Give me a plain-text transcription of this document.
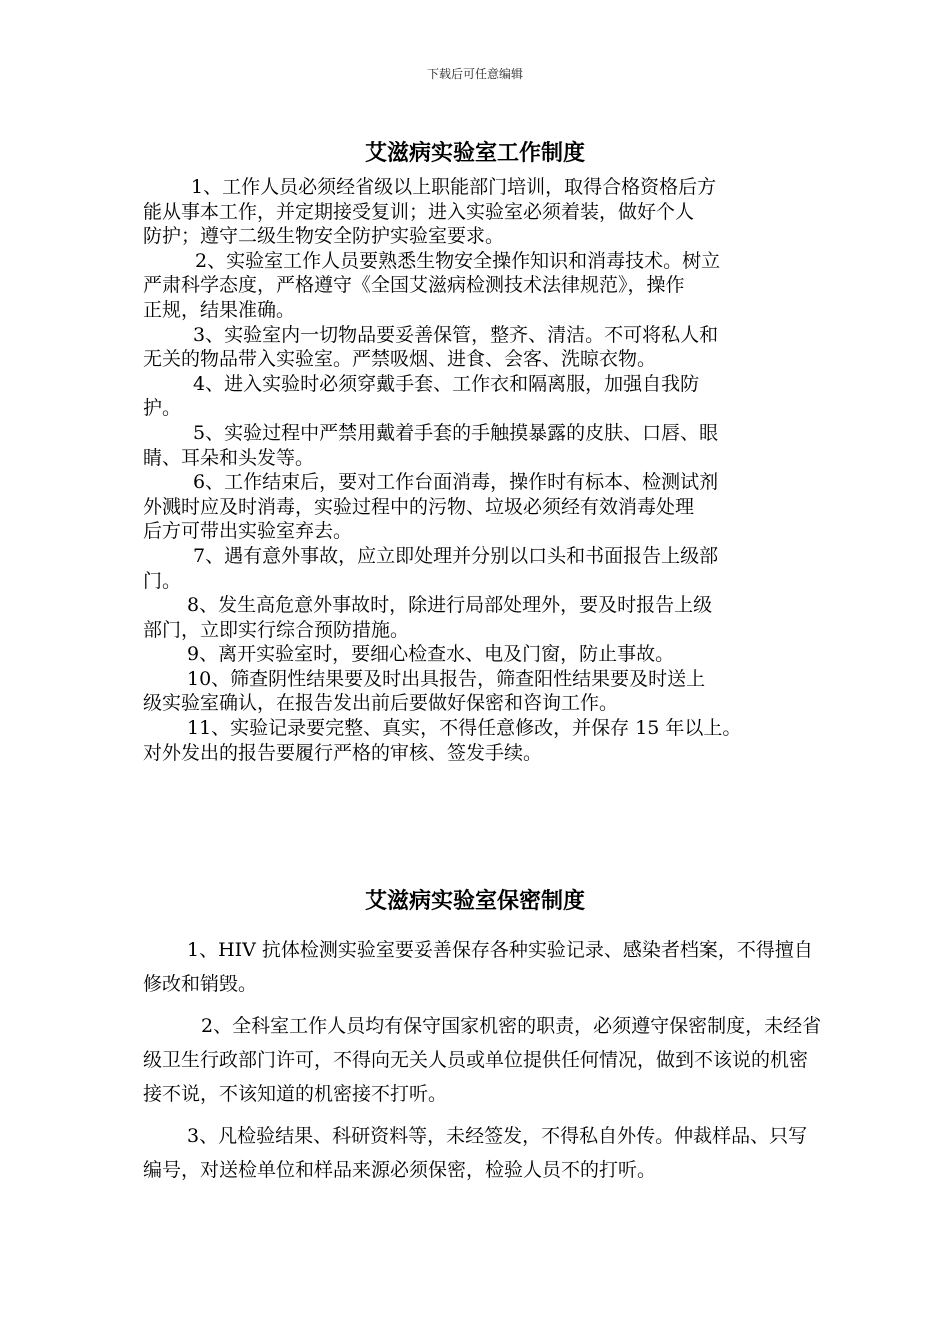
下载后可任意编辑
艾滋病实验室工作制度

1、工作人员必须经省级以上职能部门培训，取得合格资格后方

能从事本工作，并定期接受复训；进入实验室必须着装，做好个人

防护；遵守二级生物安全防护实验室要求。

2、实验室工作人员要熟悉生物安全操作知识和消毒技术。树立

严肃科学态度，严格遵守《全国艾滋病检测技术法律规范》，操作

正规，结果准确。

3、实验室内一切物品要妥善保管，整齐、清洁。不可将私人和

无关的物品带入实验室。严禁吸烟、进食、会客、洗晾衣物。

4、进入实验时必须穿戴手套、工作衣和隔离服，加强自我防

护。

5、实验过程中严禁用戴着手套的手触摸暴露的皮肤、口唇、眼

睛、耳朵和头发等。

6、工作结束后，要对工作台面消毒，操作时有标本、检测试剂

外溅时应及时消毒，实验过程中的污物、垃圾必须经有效消毒处理

后方可带出实验室弃去。

7、遇有意外事故，应立即处理并分别以口头和书面报告上级部

门。

8、发生高危意外事故时，除进行局部处理外，要及时报告上级

部门，立即实行综合预防措施。

9、离开实验室时，要细心检查水、电及门窗，防止事故。

10、筛查阴性结果要及时出具报告，筛查阳性结果要及时送上

级实验室确认，在报告发出前后要做好保密和咨询工作。

11、实验记录要完整、真实，不得任意修改，并保存 15 年以上。

对外发出的报告要履行严格的审核、签发手续。

艾滋病实验室保密制度

1、HIV 抗体检测实验室要妥善保存各种实验记录、感染者档案，不得擅自修改和销毁。

2、全科室工作人员均有保守国家机密的职责，必须遵守保密制度，未经省级卫生行政部门许可，不得向无关人员或单位提供任何情况，做到不该说的机密接不说，不该知道的机密接不打听。

3、凡检验结果、科研资料等，未经签发，不得私自外传。仲裁样品、只写编号，对送检单位和样品来源必须保密，检验人员不的打听。
